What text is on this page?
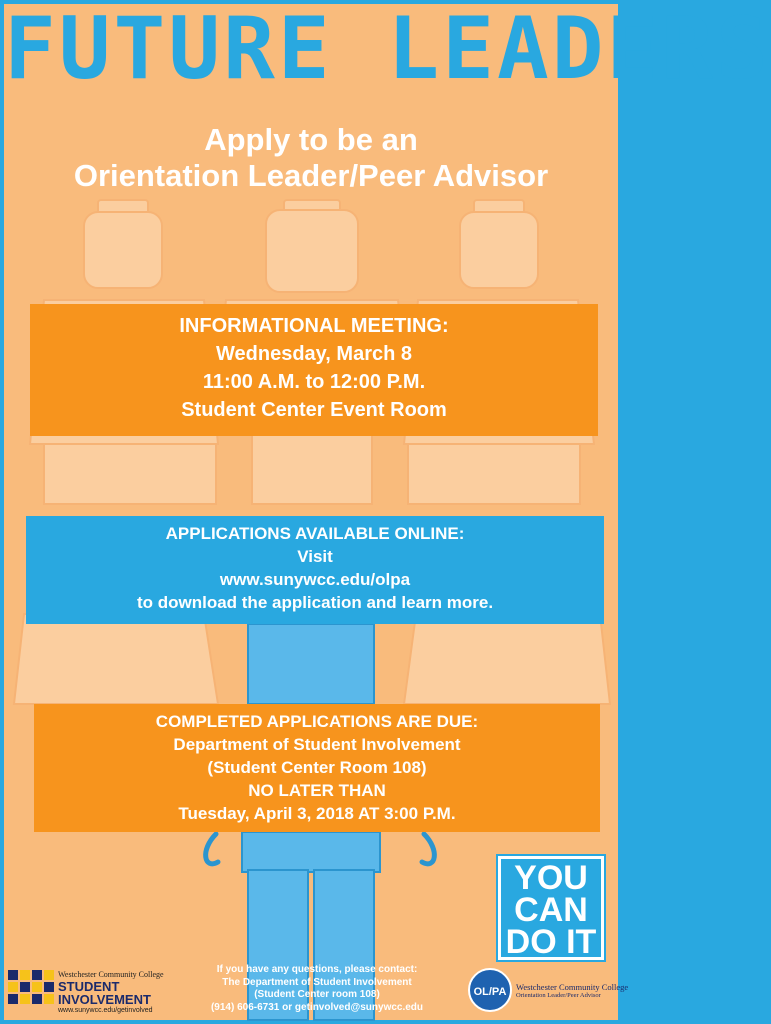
FUTURE LEADERS
Apply to be an
Orientation Leader/Peer Advisor
INFORMATIONAL MEETING:
Wednesday, March 8
11:00 A.M. to 12:00 P.M.
Student Center Event Room
APPLICATIONS AVAILABLE ONLINE:
Visit
www.sunywcc.edu/olpa
to download the application and learn more.
COMPLETED APPLICATIONS ARE DUE:
Department of Student Involvement
(Student Center Room 108)
NO LATER THAN
Tuesday, April 3, 2018 AT 3:00 P.M.
YOU
CAN
DO IT
If you have any questions, please contact:
The Department of Student Involvement
(Student Center room 108)
(914) 606-6731 or getinvolved@sunywcc.edu
Westchester Community College
STUDENT
INVOLVEMENT
www.sunywcc.edu/getinvolved
OL/PA	Westchester Community College
Orientation Leader/Peer Advisor
